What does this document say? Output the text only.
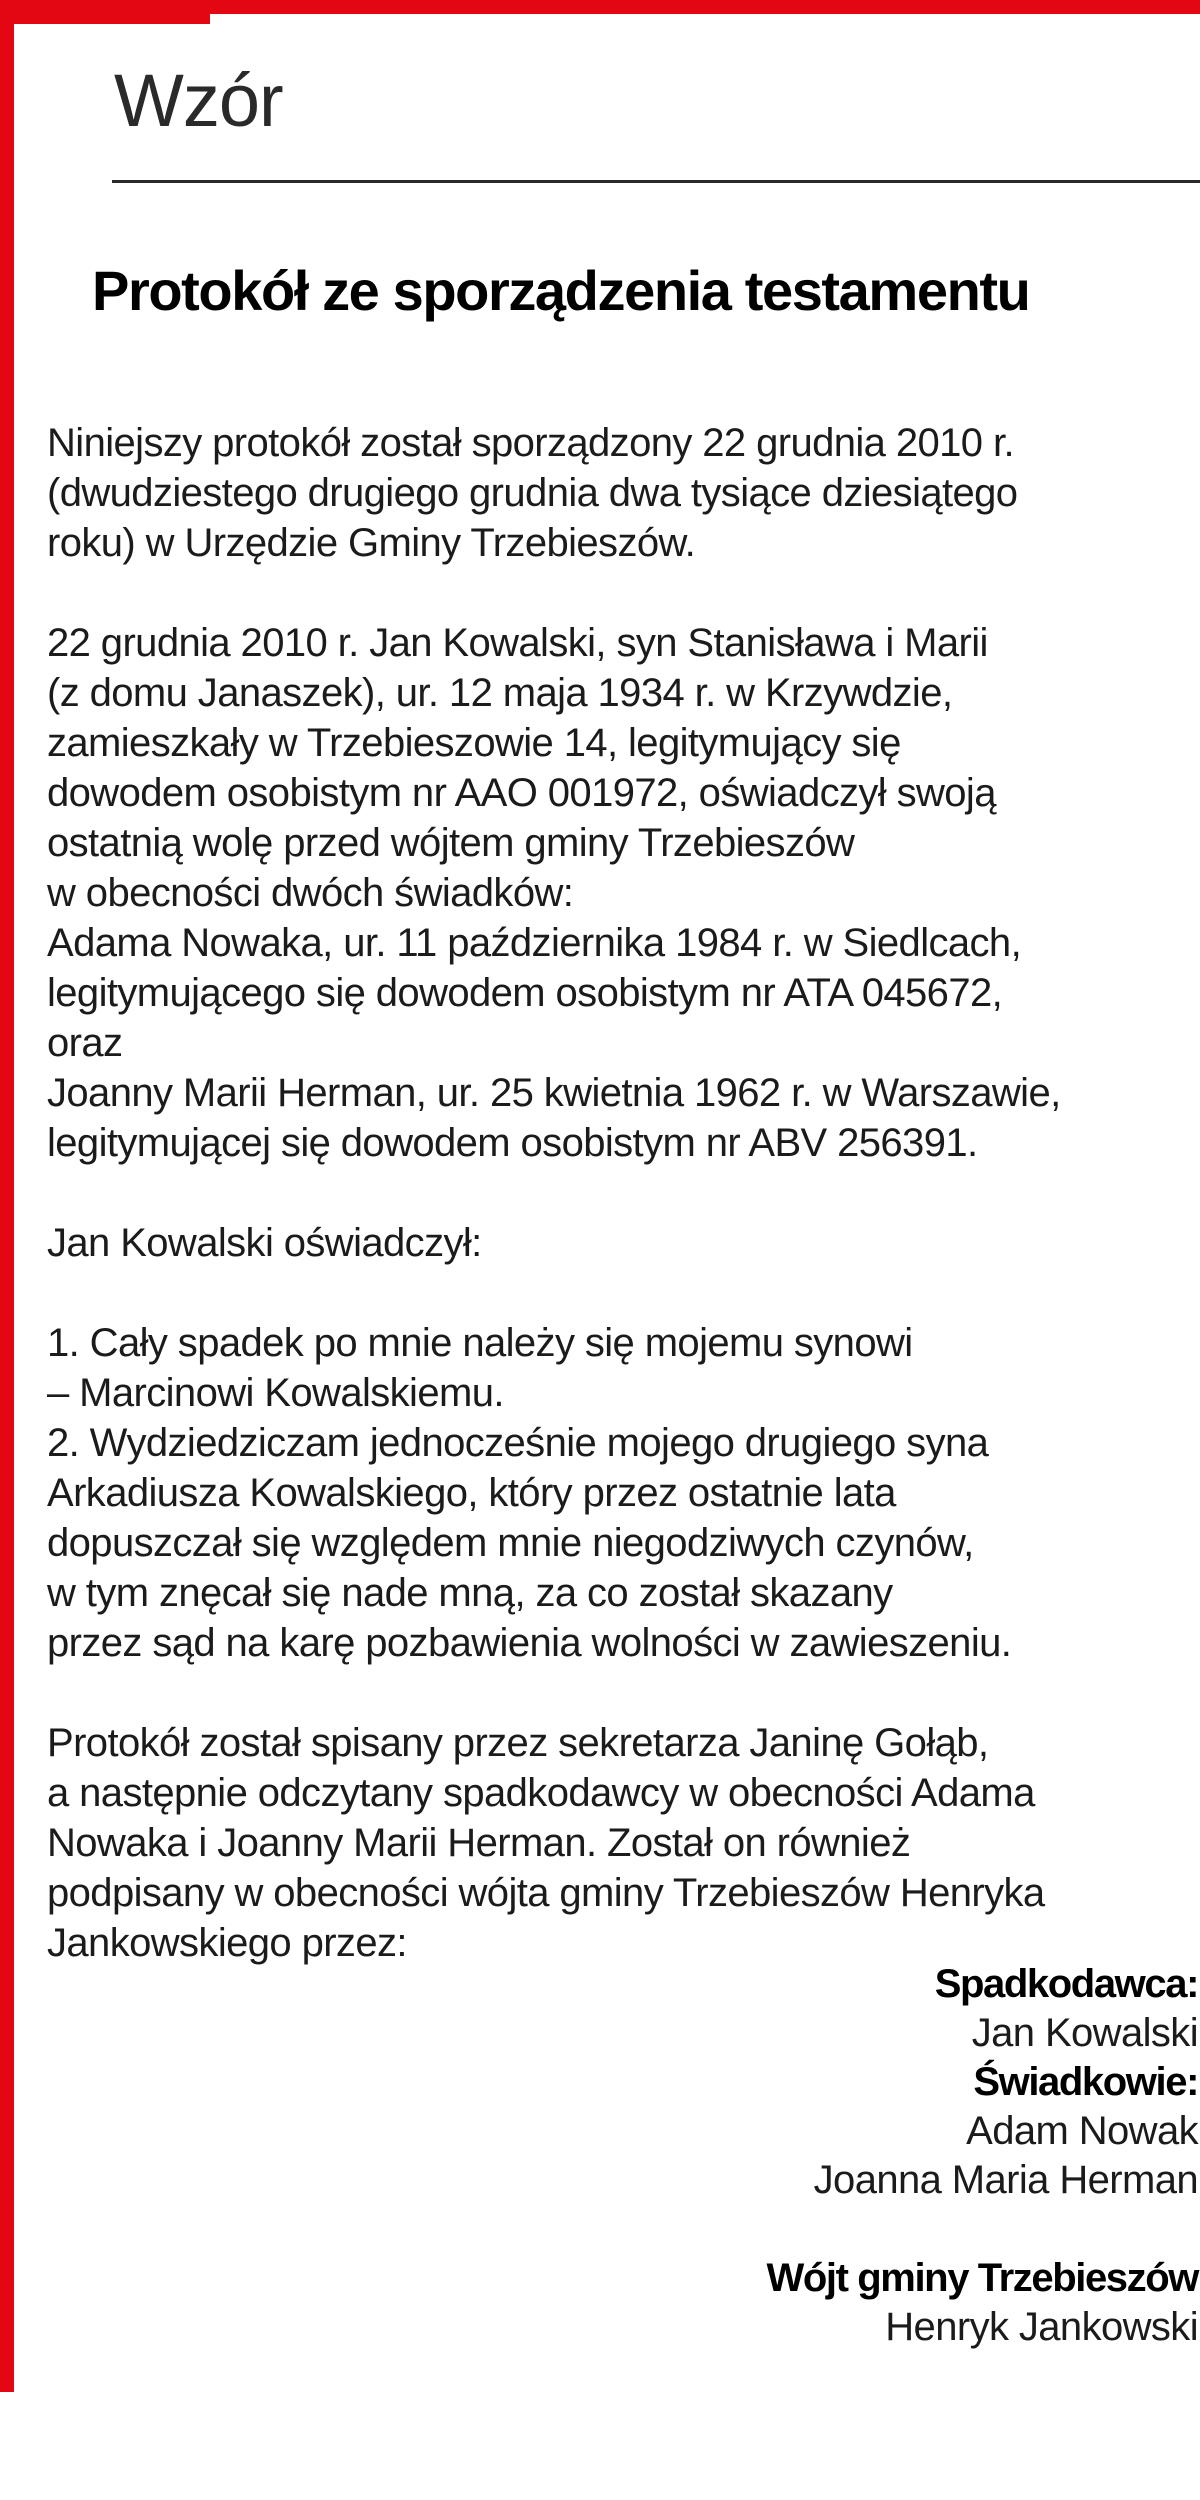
Wzór
Protokół ze sporządzenia testamentu

Niniejszy protokół został sporządzony 22 grudnia 2010 r.
(dwudziestego drugiego grudnia dwa tysiące dziesiątego
roku) w Urzędzie Gminy Trzebieszów.

22 grudnia 2010 r. Jan Kowalski, syn Stanisława i Marii
(z domu Janaszek), ur. 12 maja 1934 r. w Krzywdzie,
zamieszkały w Trzebieszowie 14, legitymujący się
dowodem osobistym nr AAO 001972, oświadczył swoją
ostatnią wolę przed wójtem gminy Trzebieszów
w obecności dwóch świadków:
Adama Nowaka, ur. 11 października 1984 r. w Siedlcach,
legitymującego się dowodem osobistym nr ATA 045672,
oraz
Joanny Marii Herman, ur. 25 kwietnia 1962 r. w Warszawie,
legitymującej się dowodem osobistym nr ABV 256391.

Jan Kowalski oświadczył:

1. Cały spadek po mnie należy się mojemu synowi
– Marcinowi Kowalskiemu.
2. Wydziedziczam jednocześnie mojego drugiego syna
Arkadiusza Kowalskiego, który przez ostatnie lata
dopuszczał się względem mnie niegodziwych czynów,
w tym znęcał się nade mną, za co został skazany
przez sąd na karę pozbawienia wolności w zawieszeniu.

Protokół został spisany przez sekretarza Janinę Gołąb,
a następnie odczytany spadkodawcy w obecności Adama
Nowaka i Joanny Marii Herman. Został on również
podpisany w obecności wójta gminy Trzebieszów Henryka
Jankowskiego przez:

Spadkodawca:
Jan Kowalski
Świadkowie:
Adam Nowak
Joanna Maria Herman
Wójt gminy Trzebieszów
Henryk Jankowski
